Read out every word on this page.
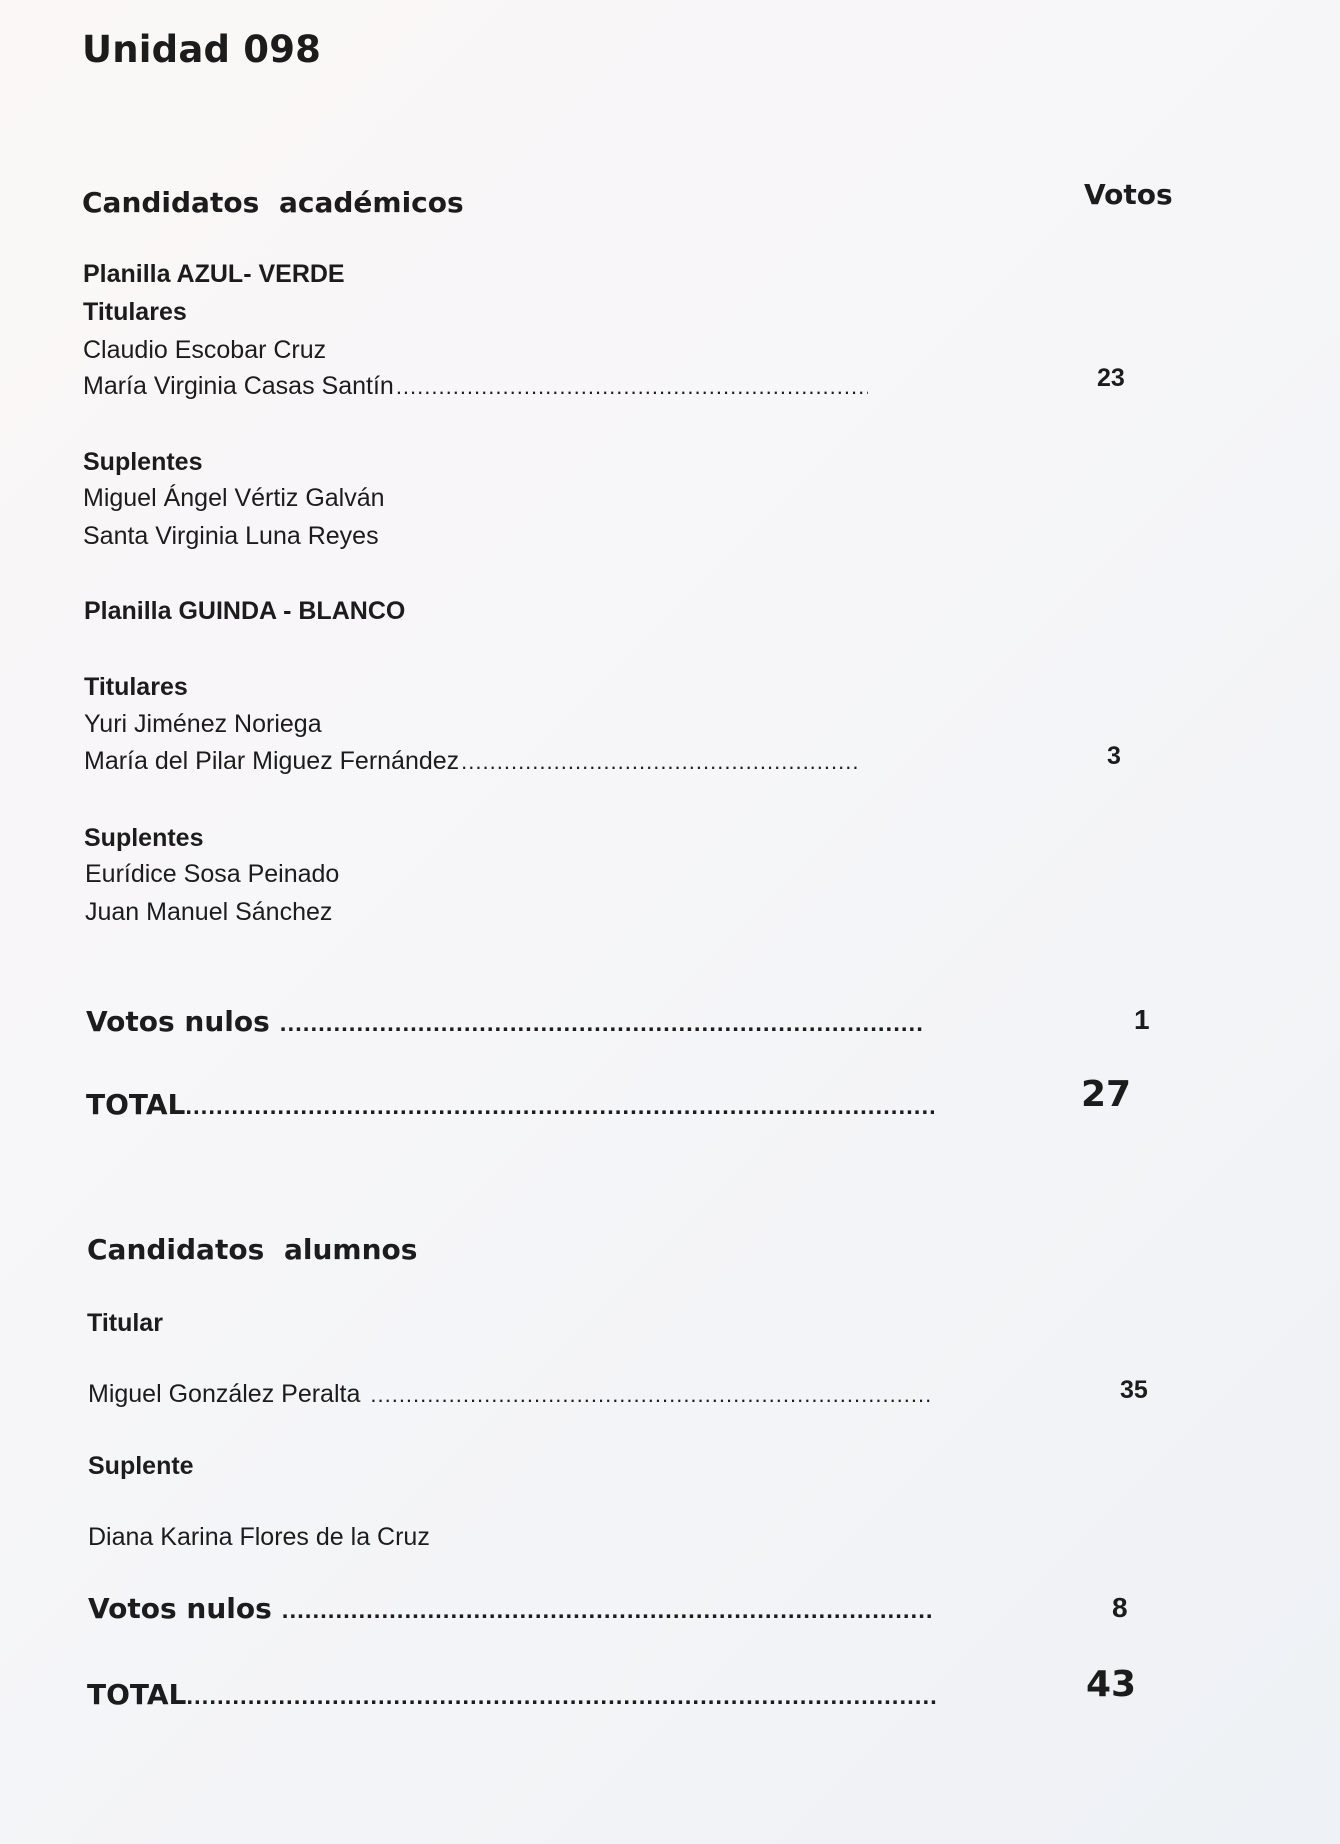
Unidad 098
Candidatos académicos	Votos
Planilla AZUL- VERDE
Titulares
Claudio Escobar Cruz
María Virginia Casas Santín .....	23
Suplentes
Miguel Ángel Vértiz Galván
Santa Virginia Luna Reyes
Planilla GUINDA - BLANCO
Titulares
Yuri Jiménez Noriega
María del Pilar Miguez Fernández .....	3
Suplentes
Eurídice Sosa Peinado
Juan Manuel Sánchez
Votos nulos .....	1
TOTAL .....	27
Candidatos alumnos
Titular
Miguel González Peralta .....	35
Suplente
Diana Karina Flores de la Cruz
Votos nulos .....	8
TOTAL .....	43
